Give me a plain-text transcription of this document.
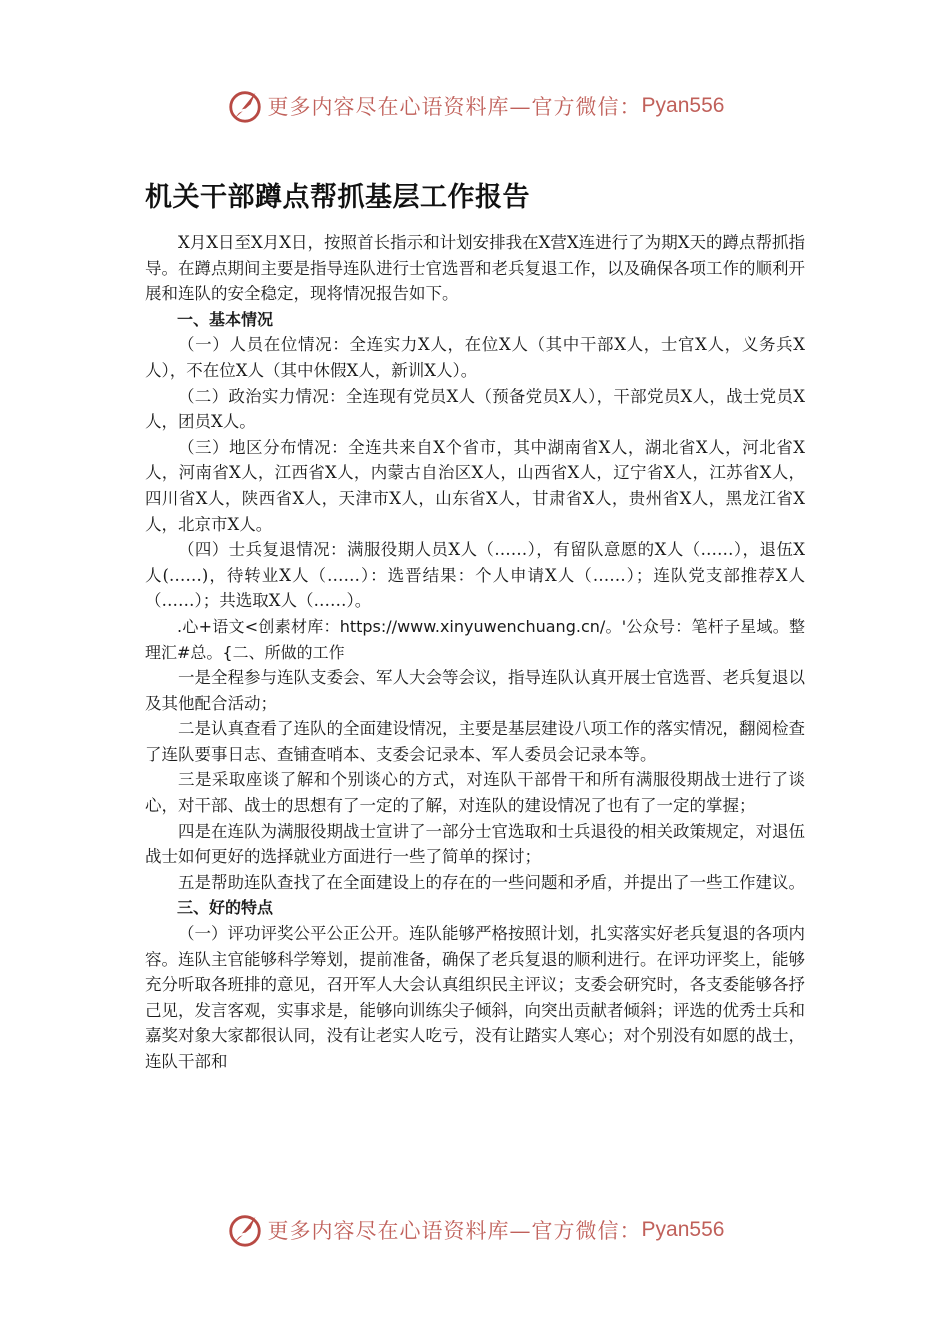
更多内容尽在心语资料库—官方微信： Pyan556
机关干部蹲点帮抓基层工作报告

X月X日至X月X日，按照首长指示和计划安排我在X营X连进行了为期X天的蹲点帮抓指导。在蹲点期间主要是指导连队进行士官选晋和老兵复退工作，以及确保各项工作的顺利开展和连队的安全稳定，现将情况报告如下。

一、基本情况

（一）人员在位情况：全连实力X人，在位X人（其中干部X人，士官X人，义务兵X人），不在位X人（其中休假X人，新训X人）。

（二）政治实力情况：全连现有党员X人（预备党员X人），干部党员X人，战士党员X人，团员X人。

（三）地区分布情况：全连共来自X个省市，其中湖南省X人，湖北省X人，河北省X人，河南省X人，江西省X人，内蒙古自治区X人，山西省X人，辽宁省X人，江苏省X人，四川省X人，陕西省X人，天津市X人，山东省X人，甘肃省X人，贵州省X人，黑龙江省X人，北京市X人。

（四）士兵复退情况：满服役期人员X人（……），有留队意愿的X人（……），退伍X人(……)，待转业X人（……）：选晋结果：个人申请X人（……）；连队党支部推荐X人（……）；共选取X人（……）。

.心+语文<创素材库：https://www.xinyuwenchuang.cn/。'公众号：笔杆子星域。整理汇#总。{二、所做的工作

一是全程参与连队支委会、军人大会等会议，指导连队认真开展士官选晋、老兵复退以及其他配合活动；

二是认真查看了连队的全面建设情况，主要是基层建设八项工作的落实情况，翻阅检查了连队要事日志、查铺查哨本、支委会记录本、军人委员会记录本等。

三是采取座谈了解和个别谈心的方式，对连队干部骨干和所有满服役期战士进行了谈心，对干部、战士的思想有了一定的了解，对连队的建设情况了也有了一定的掌握；

四是在连队为满服役期战士宣讲了一部分士官选取和士兵退役的相关政策规定，对退伍战士如何更好的选择就业方面进行一些了简单的探讨；

五是帮助连队查找了在全面建设上的存在的一些问题和矛盾，并提出了一些工作建议。

三、好的特点

（一）评功评奖公平公正公开。连队能够严格按照计划，扎实落实好老兵复退的各项内容。连队主官能够科学筹划，提前准备，确保了老兵复退的顺利进行。在评功评奖上，能够充分听取各班排的意见，召开军人大会认真组织民主评议；支委会研究时，各支委能够各抒己见，发言客观，实事求是，能够向训练尖子倾斜，向突出贡献者倾斜；评选的优秀士兵和嘉奖对象大家都很认同，没有让老实人吃亏，没有让踏实人寒心；对个别没有如愿的战士，连队干部和

更多内容尽在心语资料库—官方微信： Pyan556
